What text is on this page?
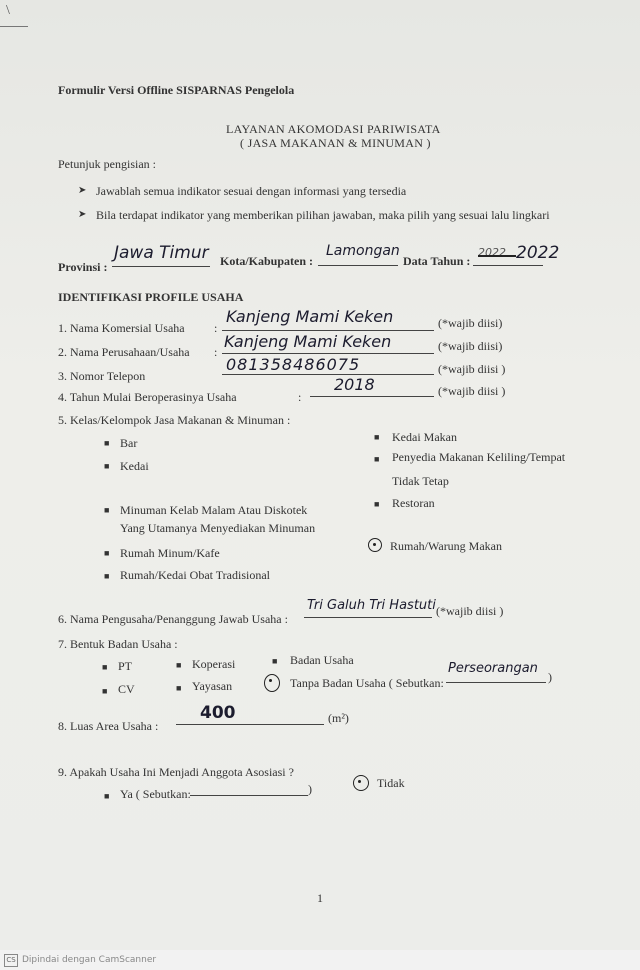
\
Formulir Versi Offline SISPARNAS Pengelola
LAYANAN AKOMODASI PARIWISATA
( JASA MAKANAN & MINUMAN )
Petunjuk pengisian :
➤ Jawablah semua indikator sesuai dengan informasi yang tersedia
➤ Bila terdapat indikator yang memberikan pilihan jawaban, maka pilih yang sesuai lalu lingkari
Provinsi :
Jawa Timur Kota/Kabupaten :
Lamongan
Data Tahun :
2022 2022
IDENTIFIKASI PROFILE USAHA
1. Nama Komersial Usaha :
Kanjeng Mami Keken	(*wajib diisi)
2. Nama Perusahaan/Usaha :
Kanjeng Mami Keken	(*wajib diisi)
3. Nomor Telepon
081358486075	(*wajib diisi )
4. Tahun Mulai Beroperasinya Usaha	:
2018	(*wajib diisi )
5. Kelas/Kelompok Jasa Makanan & Minuman :
■ Bar
■ Kedai
■ Minuman Kelab Malam Atau Diskotek
Yang Utamanya Menyediakan Minuman
■ Rumah Minum/Kafe
■ Rumah/Kedai Obat Tradisional
■ Kedai Makan
■ Penyedia Makanan Keliling/Tempat
Tidak Tetap
■ Restoran
Rumah/Warung Makan
6. Nama Pengusaha/Penanggung Jawab Usaha :
Tri Galuh Tri Hastuti (*wajib diisi )
7. Bentuk Badan Usaha :
■ PT	■ Koperasi	■ Badan Usaha
■ CV	■ Yayasan	Tanpa Badan Usaha ( Sebutkan:
Perseorangan
)
8. Luas Area Usaha :
400	(m²)
9. Apakah Usaha Ini Menjadi Anggota Asosiasi ?
■ Ya ( Sebutkan:	)	Tidak
1
CS Dipindai dengan CamScanner
